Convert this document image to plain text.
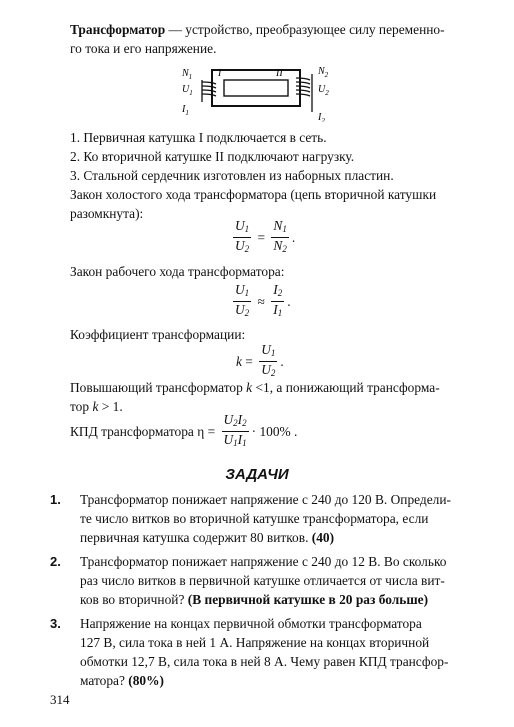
Трансформатор — устройство, преобразующее силу переменно-
го тока и его напряжение.
$N_1$
$U_1$
$I_1$
$N_2$
$U_2$
$I_2$
I	II
1. Первичная катушка I подключается в сеть.
2. Ко вторичной катушке II подключают нагрузку.
3. Стальной сердечник изготовлен из наборных пластин.
Закон холостого хода трансформатора (цепь вторичной катушки
разомкнута):
$\frac{U_1}{U_2} = \frac{N_1}{N_2}$ .
Закон рабочего хода трансформатора:
$\frac{U_1}{U_2} \approx \frac{I_2}{I_1}$ .
Коэффициент трансформации:
$k = \frac{U_1}{U_2}$ .
Повышающий трансформатор k <1, а понижающий трансформа-
тор k > 1.
КПД трансформатора
$\eta = \frac{U_2I_2}{U_1I_1} \cdot 100\%$ .
ЗАДАЧИ
1. Трансформатор понижает напряжение с 240 до 120 В. Определи-
те число витков во вторичной катушке трансформатора, если
первичная катушка содержит 80 витков. (40)
2. Трансформатор понижает напряжение с 240 до 12 В. Во сколько
раз число витков в первичной катушке отличается от числа вит-
ков во вторичной? (В первичной катушке в 20 раз больше)
3. Напряжение на концах первичной обмотки трансформатора
127 В, сила тока в ней 1 А. Напряжение на концах вторичной
обмотки 12,7 В, сила тока в ней 8 А. Чему равен КПД трансфор-
матора? (80%)
314
